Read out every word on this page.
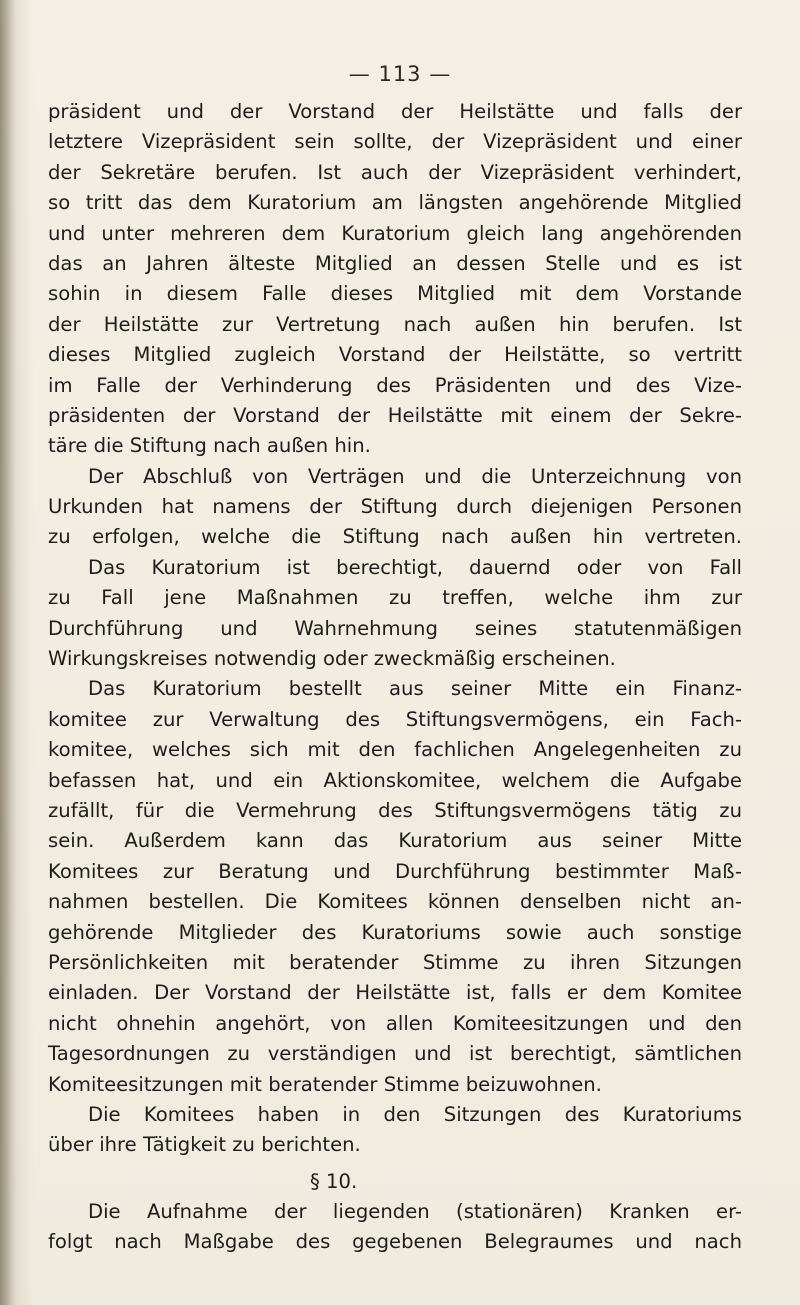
— 113 —
präsident und der Vorstand der Heilstätte und falls der
letztere Vizepräsident sein sollte, der Vizepräsident und einer
der Sekretäre berufen. Ist auch der Vizepräsident verhindert,
so tritt das dem Kuratorium am längsten angehörende Mitglied
und unter mehreren dem Kuratorium gleich lang angehörenden
das an Jahren älteste Mitglied an dessen Stelle und es ist
sohin in diesem Falle dieses Mitglied mit dem Vorstande
der Heilstätte zur Vertretung nach außen hin berufen. Ist
dieses Mitglied zugleich Vorstand der Heilstätte, so vertritt
im Falle der Verhinderung des Präsidenten und des Vize-
präsidenten der Vorstand der Heilstätte mit einem der Sekre-
täre die Stiftung nach außen hin.
Der Abschluß von Verträgen und die Unterzeichnung von
Urkunden hat namens der Stiftung durch diejenigen Personen
zu erfolgen, welche die Stiftung nach außen hin vertreten.
Das Kuratorium ist berechtigt, dauernd oder von Fall
zu Fall jene Maßnahmen zu treffen, welche ihm zur
Durchführung und Wahrnehmung seines statutenmäßigen
Wirkungskreises notwendig oder zweckmäßig erscheinen.
Das Kuratorium bestellt aus seiner Mitte ein Finanz-
komitee zur Verwaltung des Stiftungsvermögens, ein Fach-
komitee, welches sich mit den fachlichen Angelegenheiten zu
befassen hat, und ein Aktionskomitee, welchem die Aufgabe
zufällt, für die Vermehrung des Stiftungsvermögens tätig zu
sein. Außerdem kann das Kuratorium aus seiner Mitte
Komitees zur Beratung und Durchführung bestimmter Maß-
nahmen bestellen. Die Komitees können denselben nicht an-
gehörende Mitglieder des Kuratoriums sowie auch sonstige
Persönlichkeiten mit beratender Stimme zu ihren Sitzungen
einladen. Der Vorstand der Heilstätte ist, falls er dem Komitee
nicht ohnehin angehört, von allen Komiteesitzungen und den
Tagesordnungen zu verständigen und ist berechtigt, sämtlichen
Komiteesitzungen mit beratender Stimme beizuwohnen.
Die Komitees haben in den Sitzungen des Kuratoriums
über ihre Tätigkeit zu berichten.
§ 10.
Die Aufnahme der liegenden (stationären) Kranken er-
folgt nach Maßgabe des gegebenen Belegraumes und nach
